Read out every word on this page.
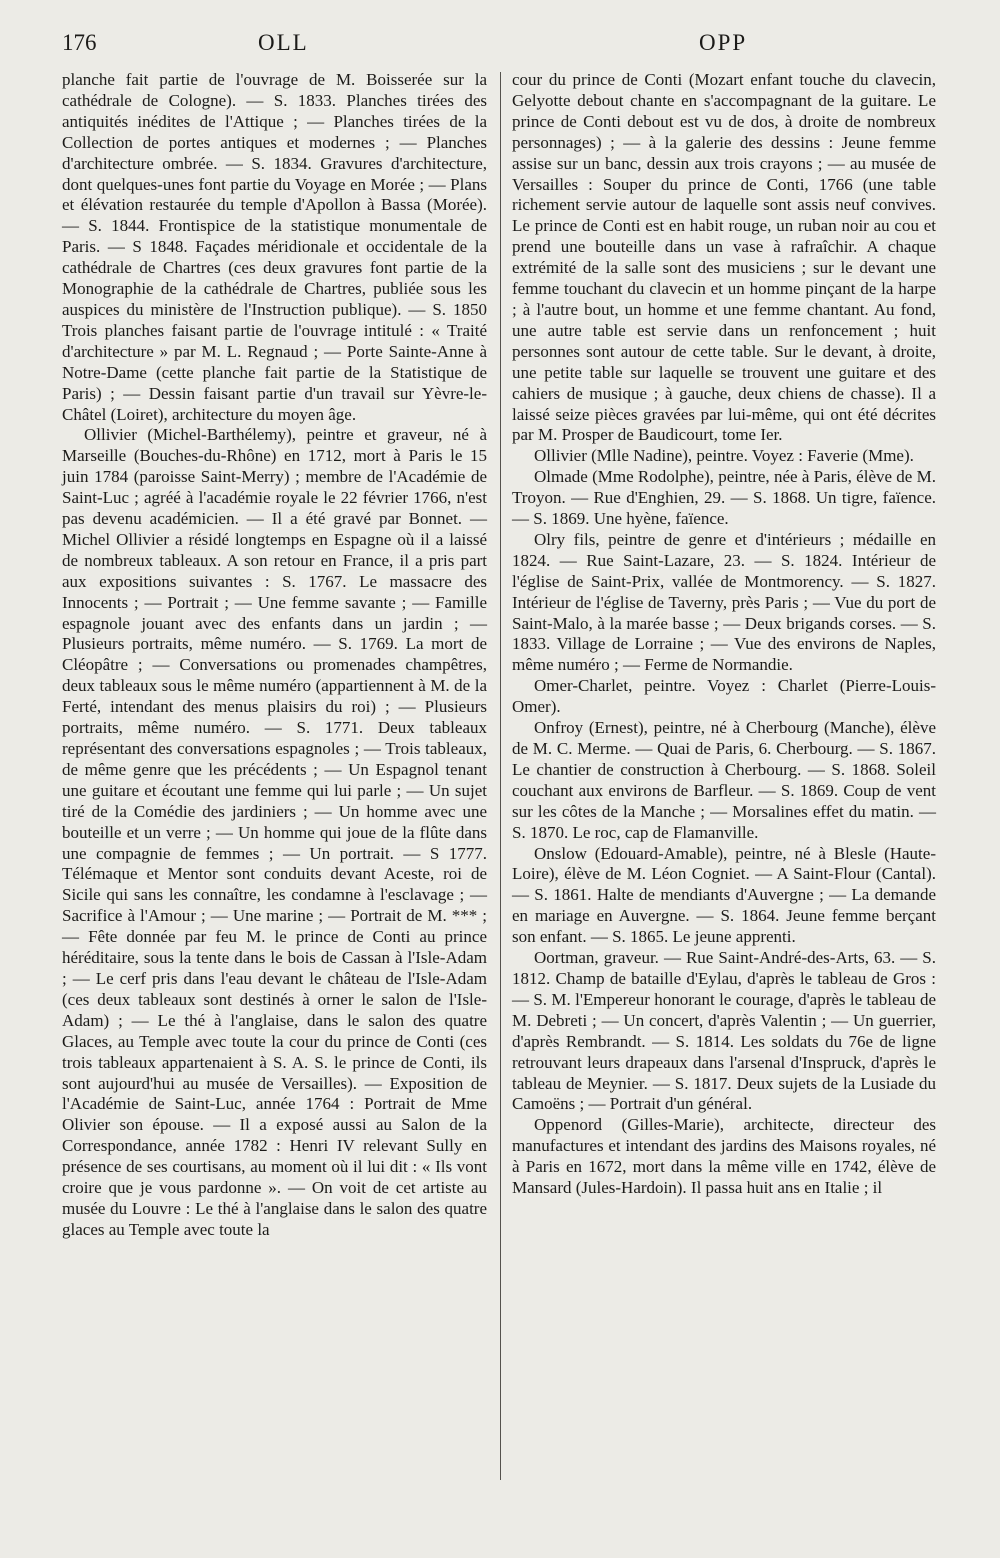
176	OLL	OPP

planche fait partie de l'ouvrage de M. Boisserée sur la cathédrale de Cologne). — S. 1833. Planches tirées des antiquités inédites de l'Attique ; — Planches tirées de la Collection de portes antiques et modernes ; — Planches d'architecture ombrée. — S. 1834. Gravures d'architecture, dont quelques-unes font partie du Voyage en Morée ; — Plans et élévation restaurée du temple d'Apollon à Bassa (Morée). — S. 1844. Frontispice de la statistique monumentale de Paris. — S 1848. Façades méridionale et occidentale de la cathédrale de Chartres (ces deux gravures font partie de la Monographie de la cathédrale de Chartres, publiée sous les auspices du ministère de l'Instruction publique). — S. 1850 Trois planches faisant partie de l'ouvrage intitulé : « Traité d'architecture » par M. L. Regnaud ; — Porte Sainte-Anne à Notre-Dame (cette planche fait partie de la Statistique de Paris) ; — Dessin faisant partie d'un travail sur Yèvre-le-Châtel (Loiret), architecture du moyen âge.

Ollivier (Michel-Barthélemy), peintre et graveur, né à Marseille (Bouches-du-Rhône) en 1712, mort à Paris le 15 juin 1784 (paroisse Saint-Merry) ; membre de l'Académie de Saint-Luc ; agréé à l'académie royale le 22 février 1766, n'est pas devenu académicien. — Il a été gravé par Bonnet. — Michel Ollivier a résidé longtemps en Espagne où il a laissé de nombreux tableaux. A son retour en France, il a pris part aux expositions suivantes : S. 1767. Le massacre des Innocents ; — Portrait ; — Une femme savante ; — Famille espagnole jouant avec des enfants dans un jardin ; — Plusieurs portraits, même numéro. — S. 1769. La mort de Cléopâtre ; — Conversations ou promenades champêtres, deux tableaux sous le même numéro (appartiennent à M. de la Ferté, intendant des menus plaisirs du roi) ; — Plusieurs portraits, même numéro. — S. 1771. Deux tableaux représentant des conversations espagnoles ; — Trois tableaux, de même genre que les précédents ; — Un Espagnol tenant une guitare et écoutant une femme qui lui parle ; — Un sujet tiré de la Comédie des jardiniers ; — Un homme avec une bouteille et un verre ; — Un homme qui joue de la flûte dans une compagnie de femmes ; — Un portrait. — S 1777. Télémaque et Mentor sont conduits devant Aceste, roi de Sicile qui sans les connaître, les condamne à l'esclavage ; — Sacrifice à l'Amour ; — Une marine ; — Portrait de M. *** ; — Fête donnée par feu M. le prince de Conti au prince héréditaire, sous la tente dans le bois de Cassan à l'Isle-Adam ; — Le cerf pris dans l'eau devant le château de l'Isle-Adam (ces deux tableaux sont destinés à orner le salon de l'Isle-Adam) ; — Le thé à l'anglaise, dans le salon des quatre Glaces, au Temple avec toute la cour du prince de Conti (ces trois tableaux appartenaient à S. A. S. le prince de Conti, ils sont aujourd'hui au musée de Versailles). — Exposition de l'Académie de Saint-Luc, année 1764 : Portrait de Mme Olivier son épouse. — Il a exposé aussi au Salon de la Correspondance, année 1782 : Henri IV relevant Sully en présence de ses courtisans, au moment où il lui dit : « Ils vont croire que je vous pardonne ». — On voit de cet artiste au musée du Louvre : Le thé à l'anglaise dans le salon des quatre glaces au Temple avec toute la

cour du prince de Conti (Mozart enfant touche du clavecin, Gelyotte debout chante en s'accompagnant de la guitare. Le prince de Conti debout est vu de dos, à droite de nombreux personnages) ; — à la galerie des dessins : Jeune femme assise sur un banc, dessin aux trois crayons ; — au musée de Versailles : Souper du prince de Conti, 1766 (une table richement servie autour de laquelle sont assis neuf convives. Le prince de Conti est en habit rouge, un ruban noir au cou et prend une bouteille dans un vase à rafraîchir. A chaque extrémité de la salle sont des musiciens ; sur le devant une femme touchant du clavecin et un homme pinçant de la harpe ; à l'autre bout, un homme et une femme chantant. Au fond, une autre table est servie dans un renfoncement ; huit personnes sont autour de cette table. Sur le devant, à droite, une petite table sur laquelle se trouvent une guitare et des cahiers de musique ; à gauche, deux chiens de chasse). Il a laissé seize pièces gravées par lui-même, qui ont été décrites par M. Prosper de Baudicourt, tome Ier.

Ollivier (Mlle Nadine), peintre. Voyez : Faverie (Mme).

Olmade (Mme Rodolphe), peintre, née à Paris, élève de M. Troyon. — Rue d'Enghien, 29. — S. 1868. Un tigre, faïence. — S. 1869. Une hyène, faïence.

Olry fils, peintre de genre et d'intérieurs ; médaille en 1824. — Rue Saint-Lazare, 23. — S. 1824. Intérieur de l'église de Saint-Prix, vallée de Montmorency. — S. 1827. Intérieur de l'église de Taverny, près Paris ; — Vue du port de Saint-Malo, à la marée basse ; — Deux brigands corses. — S. 1833. Village de Lorraine ; — Vue des environs de Naples, même numéro ; — Ferme de Normandie.

Omer-Charlet, peintre. Voyez : Charlet (Pierre-Louis-Omer).

Onfroy (Ernest), peintre, né à Cherbourg (Manche), élève de M. C. Merme. — Quai de Paris, 6. Cherbourg. — S. 1867. Le chantier de construction à Cherbourg. — S. 1868. Soleil couchant aux environs de Barfleur. — S. 1869. Coup de vent sur les côtes de la Manche ; — Morsalines effet du matin. — S. 1870. Le roc, cap de Flamanville.

Onslow (Edouard-Amable), peintre, né à Blesle (Haute-Loire), élève de M. Léon Cogniet. — A Saint-Flour (Cantal). — S. 1861. Halte de mendiants d'Auvergne ; — La demande en mariage en Auvergne. — S. 1864. Jeune femme berçant son enfant. — S. 1865. Le jeune apprenti.

Oortman, graveur. — Rue Saint-André-des-Arts, 63. — S. 1812. Champ de bataille d'Eylau, d'après le tableau de Gros : — S. M. l'Empereur honorant le courage, d'après le tableau de M. Debreti ; — Un concert, d'après Valentin ; — Un guerrier, d'après Rembrandt. — S. 1814. Les soldats du 76e de ligne retrouvant leurs drapeaux dans l'arsenal d'Inspruck, d'après le tableau de Meynier. — S. 1817. Deux sujets de la Lusiade du Camoëns ; — Portrait d'un général.

Oppenord (Gilles-Marie), architecte, directeur des manufactures et intendant des jardins des Maisons royales, né à Paris en 1672, mort dans la même ville en 1742, élève de Mansard (Jules-Hardoin). Il passa huit ans en Italie ; il
